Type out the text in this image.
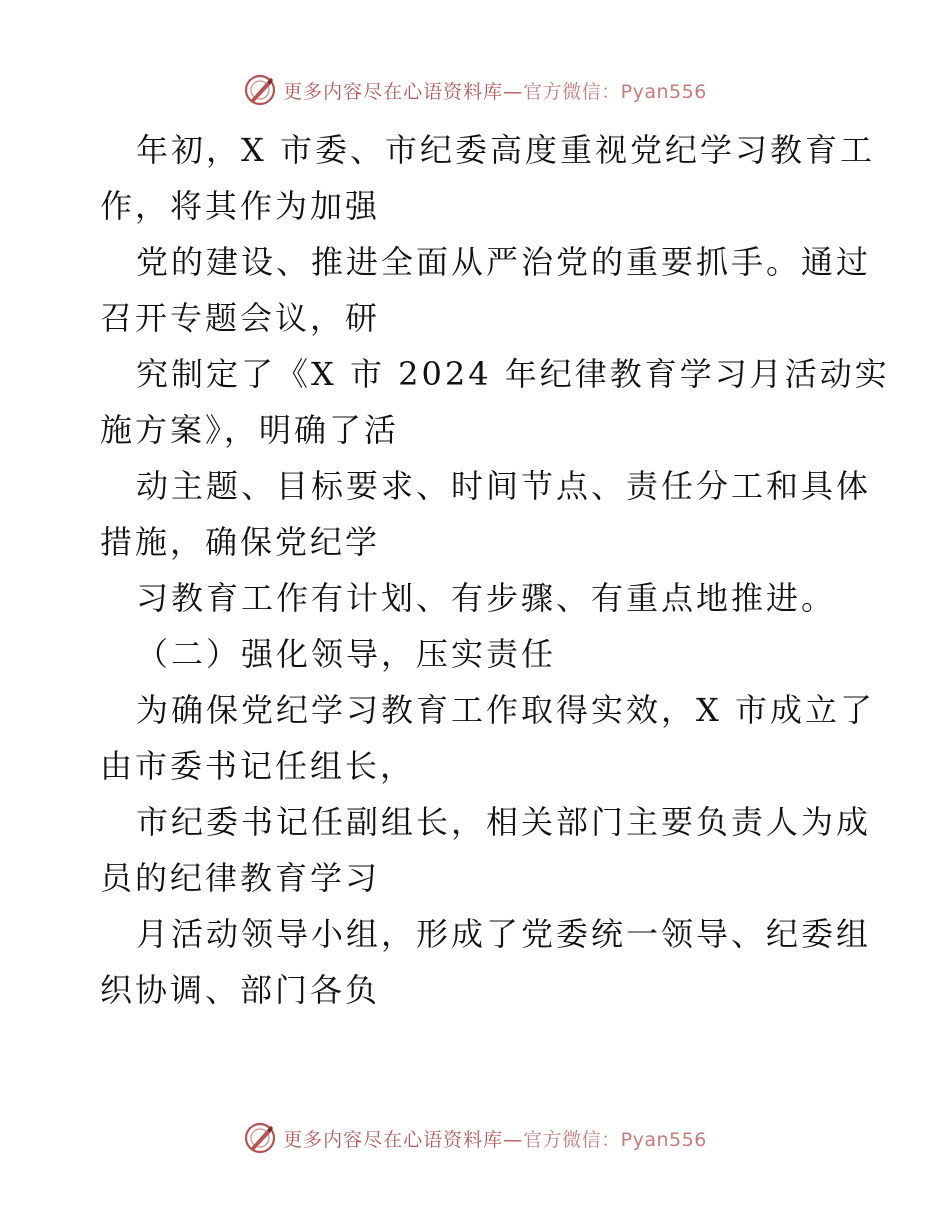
更多内容尽在心语资料库—官方微信：Pyan556

年初，X 市委、市纪委高度重视党纪学习教育工

作，将其作为加强

党的建设、推进全面从严治党的重要抓手。通过

召开专题会议，研

究制定了《X 市 2024 年纪律教育学习月活动实

施方案》，明确了活

动主题、目标要求、时间节点、责任分工和具体

措施，确保党纪学

习教育工作有计划、有步骤、有重点地推进。

（二）强化领导，压实责任

为确保党纪学习教育工作取得实效，X 市成立了

由市委书记任组长，

市纪委书记任副组长，相关部门主要负责人为成

员的纪律教育学习

月活动领导小组，形成了党委统一领导、纪委组

织协调、部门各负

更多内容尽在心语资料库—官方微信：Pyan556
